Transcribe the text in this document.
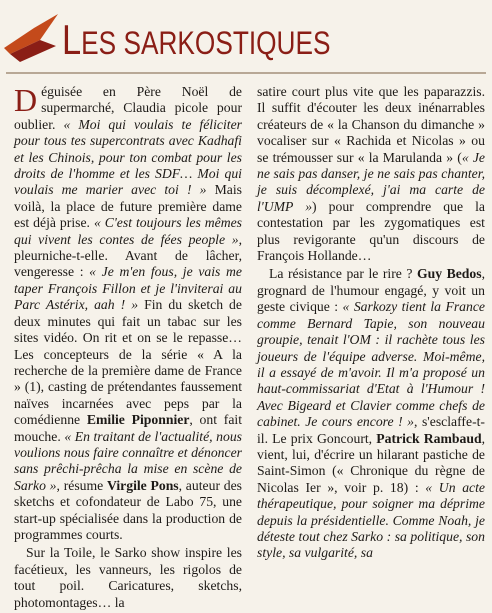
LES SARKOSTIQUES

Déguisée en Père Noël de supermarché, Claudia picole pour oublier. « Moi qui voulais te féliciter pour tous tes supercontrats avec Kadhafi et les Chinois, pour ton combat pour les droits de l'homme et les SDF… Moi qui voulais me marier avec toi ! » Mais voilà, la place de future première dame est déjà prise. « C'est toujours les mêmes qui vivent les contes de fées people », pleurniche-t-elle. Avant de lâcher, vengeresse : « Je m'en fous, je vais me taper François Fillon et je l'inviterai au Parc Astérix, aah ! » Fin du sketch de deux minutes qui fait un tabac sur les sites vidéo. On rit et on se le repasse… Les concepteurs de la série « A la recherche de la première dame de France » (1), casting de prétendantes faussement naïves incarnées avec peps par la comédienne Emilie Piponnier, ont fait mouche. « En traitant de l'actualité, nous voulions nous faire connaître et dénoncer sans prêchi-prêcha la mise en scène de Sarko », résume Virgile Pons, auteur des sketchs et cofondateur de Labo 75, une start-up spécialisée dans la production de programmes courts.

Sur la Toile, le Sarko show inspire les facétieux, les vanneurs, les rigolos de tout poil. Caricatures, sketchs, photomontages… la

satire court plus vite que les paparazzis. Il suffit d'écouter les deux inénarrables créateurs de « la Chanson du dimanche » vocaliser sur « Rachida et Nicolas » ou se trémousser sur « la Marulanda » (« Je ne sais pas danser, je ne sais pas chanter, je suis décomplexé, j'ai ma carte de l'UMP ») pour comprendre que la contestation par les zygomatiques est plus revigorante qu'un discours de François Hollande…

La résistance par le rire ? Guy Bedos, grognard de l'humour engagé, y voit un geste civique : « Sarkozy tient la France comme Bernard Tapie, son nouveau groupie, tenait l'OM : il rachète tous les joueurs de l'équipe adverse. Moi-même, il a essayé de m'avoir. Il m'a proposé un haut-commissariat d'Etat à l'Humour ! Avec Bigeard et Clavier comme chefs de cabinet. Je cours encore ! », s'esclaffe-t-il. Le prix Goncourt, Patrick Rambaud, vient, lui, d'écrire un hilarant pastiche de Saint-Simon (« Chronique du règne de Nicolas Ier », voir p. 18) : « Un acte thérapeutique, pour soigner ma déprime depuis la présidentielle. Comme Noah, je déteste tout chez Sarko : sa politique, son style, sa vulgarité, sa
